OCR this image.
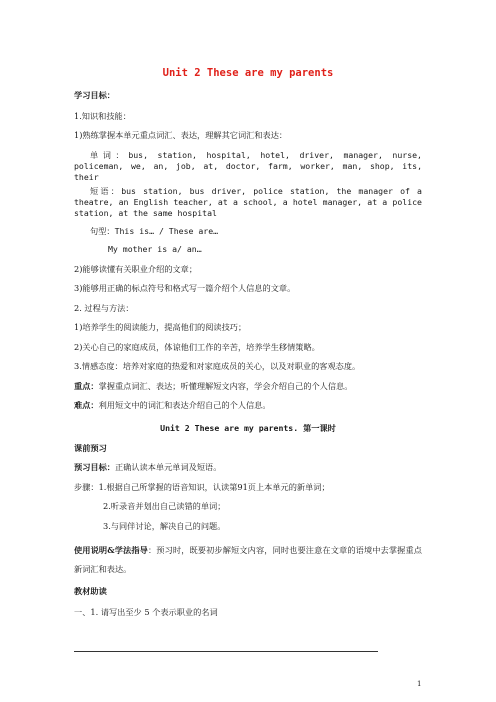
Unit 2 These are my parents
学习目标：
1.知识和技能：
1)熟练掌握本单元重点词汇、表达，理解其它词汇和表达：
单词：bus, station, hospital, hotel, driver, manager, nurse, policeman, we, an, job, at, doctor, farm, worker, man, shop, its, their
短语：bus station, bus driver, police station, the manager of a theatre, an English teacher, at a school, a hotel manager, at a police station, at the same hospital
句型：This is… / These are…
My mother is a/ an…
2)能够读懂有关职业介绍的文章；
3)能够用正确的标点符号和格式写一篇介绍个人信息的文章。
2. 过程与方法：
1)培养学生的阅读能力，提高他们的阅读技巧；
2)关心自己的家庭成员，体谅他们工作的辛苦，培养学生移情策略。
3.情感态度：培养对家庭的热爱和对家庭成员的关心，以及对职业的客观态度。
重点：掌握重点词汇、表达；听懂理解短文内容，学会介绍自己的个人信息。
难点：利用短文中的词汇和表达介绍自己的个人信息。
Unit 2 These are my parents. 第一课时
课前预习
预习目标：正确认读本单元单词及短语。
步骤：1.根据自己所掌握的语音知识，认读第91页上本单元的新单词；
2.听录音并划出自己读错的单词；
3.与同伴讨论，解决自己的问题。
使用说明&学法指导：预习时，既要初步解短文内容，同时也要注意在文章的语境中去掌握重点新词汇和表达。
教材助读
一、1. 请写出至少 5 个表示职业的名词
1
